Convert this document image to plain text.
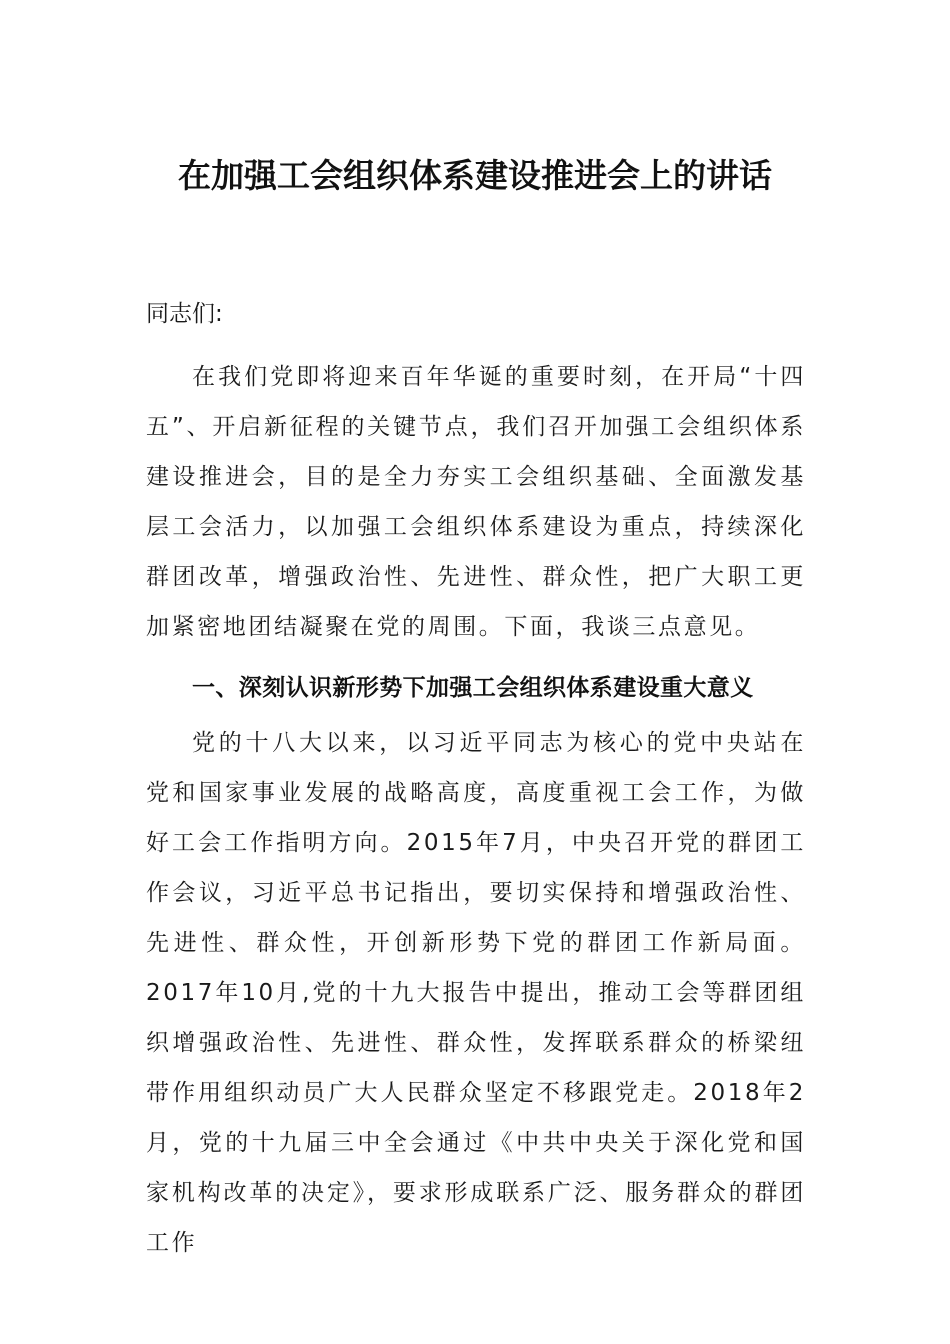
在加强工会组织体系建设推进会上的讲话
同志们:

在我们党即将迎来百年华诞的重要时刻，在开局“十四五”、开启新征程的关键节点，我们召开加强工会组织体系建设推进会，目的是全力夯实工会组织基础、全面激发基层工会活力，以加强工会组织体系建设为重点，持续深化群团改革，增强政治性、先进性、群众性，把广大职工更加紧密地团结凝聚在党的周围。下面，我谈三点意见。

一、深刻认识新形势下加强工会组织体系建设重大意义

党的十八大以来，以习近平同志为核心的党中央站在党和国家事业发展的战略高度，高度重视工会工作，为做好工会工作指明方向。2015年7月，中央召开党的群团工作会议，习近平总书记指出，要切实保持和增强政治性、先进性、群众性，开创新形势下党的群团工作新局面。2017年10月,党的十九大报告中提出，推动工会等群团组织增强政治性、先进性、群众性，发挥联系群众的桥梁纽带作用组织动员广大人民群众坚定不移跟党走。2018年2月，党的十九届三中全会通过《中共中央关于深化党和国家机构改革的决定》，要求形成联系广泛、服务群众的群团工作
